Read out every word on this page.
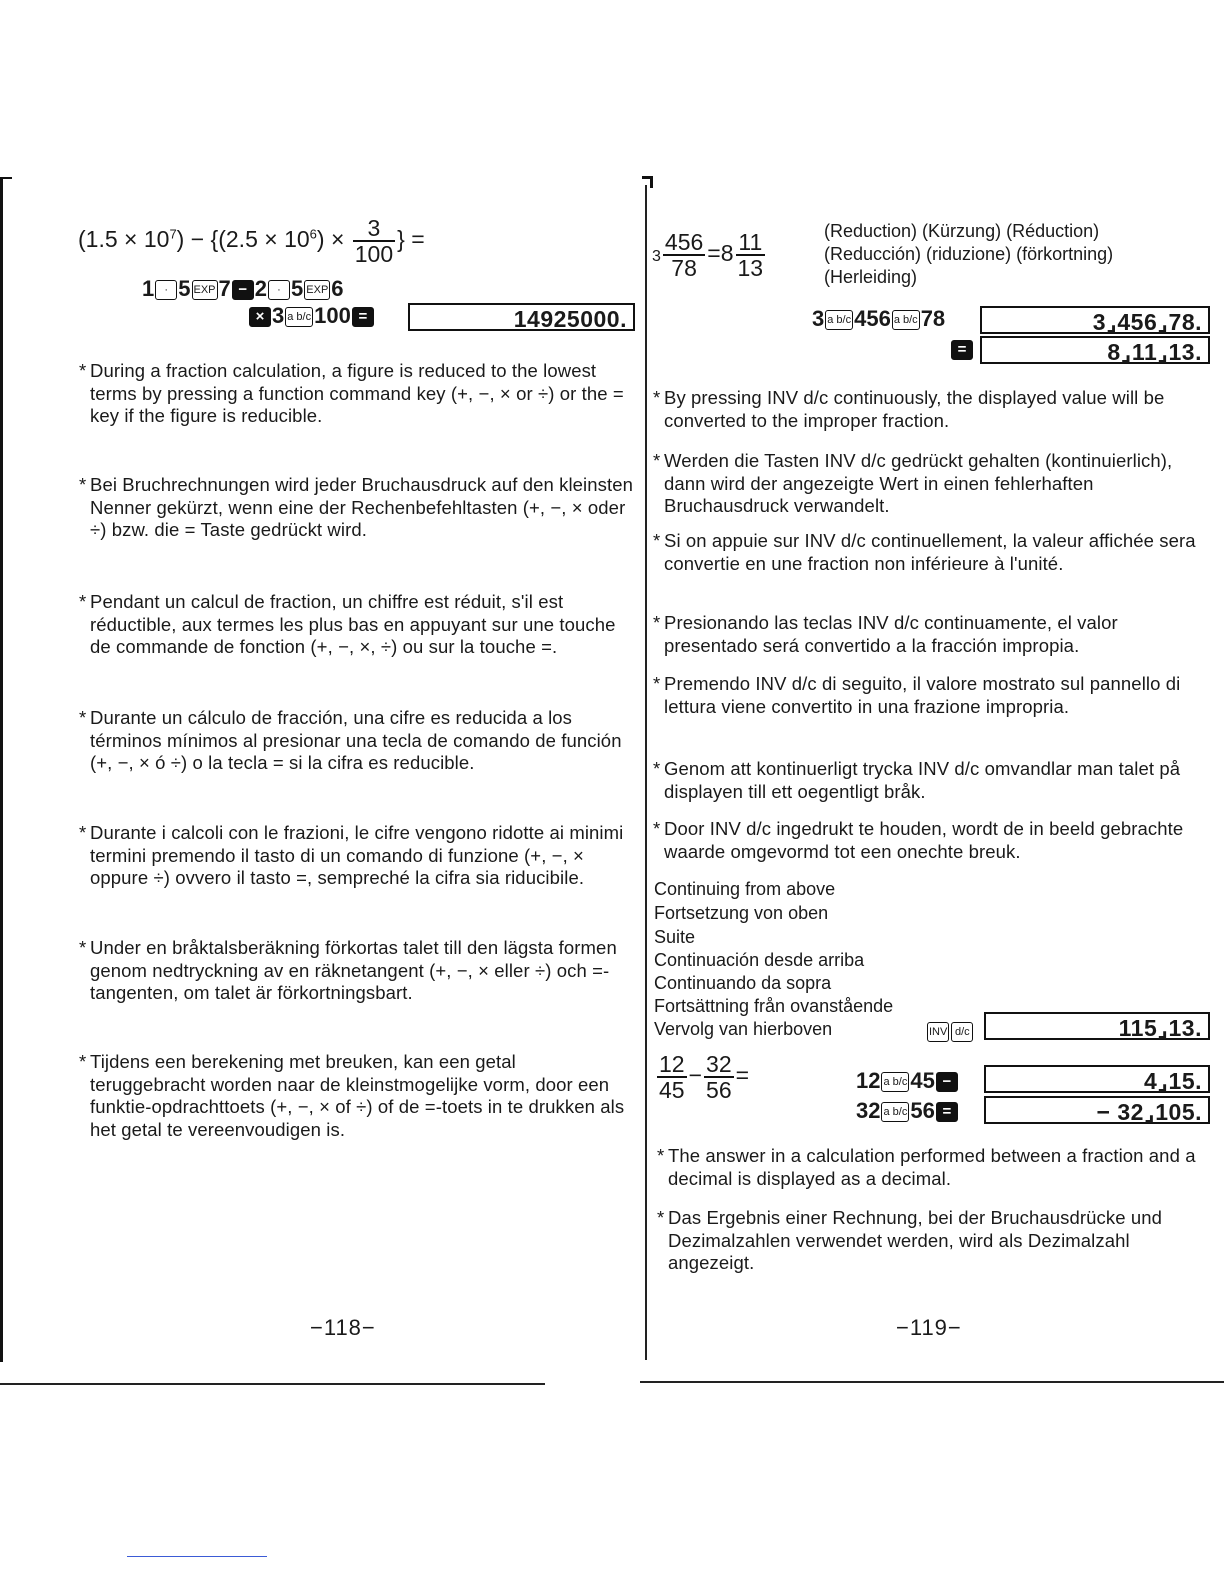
$(1.5 \times 10^7) - \{(2.5 \times 10^6) \times \frac{3}{100}$ } =
1 · 5 EXP 7 − 2 · 5 EXP 6
× 3 a b/c 100 =	14925000.
* During a fraction calculation, a figure is reduced to the lowest terms by pressing a function command key (+, −, × or ÷) or the = key if the figure is reducible.
* Bei Bruchrechnungen wird jeder Bruchausdruck auf den kleinsten Nenner gekürzt, wenn eine der Rechenbefehltasten (+, −, × oder ÷) bzw. die = Taste gedrückt wird.
* Pendant un calcul de fraction, un chiffre est réduit, s'il est réductible, aux termes les plus bas en appuyant sur une touche de commande de fonction (+, −, ×, ÷) ou sur la touche =.
* Durante un cálculo de fracción, una cifre es reducida a los términos mínimos al presionar una tecla de comando de función (+, −, × ó ÷) o la tecla = si la cifra es reducible.
* Durante i calcoli con le frazioni, le cifre vengono ridotte ai minimi termini premendo il tasto di un comando di funzione (+, −, × oppure ÷) ovvero il tasto =, sempreché la cifra sia riducibile.
* Under en bråktalsberäkning förkortas talet till den lägsta formen genom nedtryckning av en räknetangent (+, −, × eller ÷) och =-tangenten, om talet är förkortningsbart.
* Tijdens een berekening met breuken, kan een getal teruggebracht worden naar de kleinstmogelijke vorm, door een funktie-opdrachttoets (+, −, × of ÷) of de =-toets in te drukken als het getal te vereenvoudigen is.
−118−
$3 \frac{456}{78} =8 \frac{11}{13}$	(Reduction) (Kürzung) (Réduction)
(Reducción) (riduzione) (förkortning)
(Herleiding)
3 a b/c 456 a b/c 78	3⌟456⌟78.
=	8⌟11⌟13.
* By pressing INV d/c continuously, the displayed value will be converted to the improper fraction.
* Werden die Tasten INV d/c gedrückt gehalten (kontinuierlich), dann wird der angezeigte Wert in einen fehlerhaften Bruchausdruck verwandelt.
* Si on appuie sur INV d/c continuellement, la valeur affichée sera convertie en une fraction non inférieure à l'unité.
* Presionando las teclas INV d/c continuamente, el valor presentado será convertido a la fracción impropia.
* Premendo INV d/c di seguito, il valore mostrato sul pannello di lettura viene convertito in una frazione impropria.
* Genom att kontinuerligt trycka INV d/c omvandlar man talet på displayen till ett oegentligt bråk.
* Door INV d/c ingedrukt te houden, wordt de in beeld gebrachte waarde omgevormd tot een onechte breuk.
Continuing from above
Fortsetzung von oben
Suite
Continuación desde arriba
Continuando da sopra
Fortsättning från ovanstående
Vervolg van hierboven	INV d/c	115⌟13.
$\frac{12}{45} - \frac{32}{56}$ =	12 a b/c 45 −	4⌟15.
32 a b/c 56 =	− 32⌟105.
* The answer in a calculation performed between a fraction and a decimal is displayed as a decimal.
* Das Ergebnis einer Rechnung, bei der Bruchausdrücke und Dezimalzahlen verwendet werden, wird als Dezimalzahl angezeigt.
−119−
